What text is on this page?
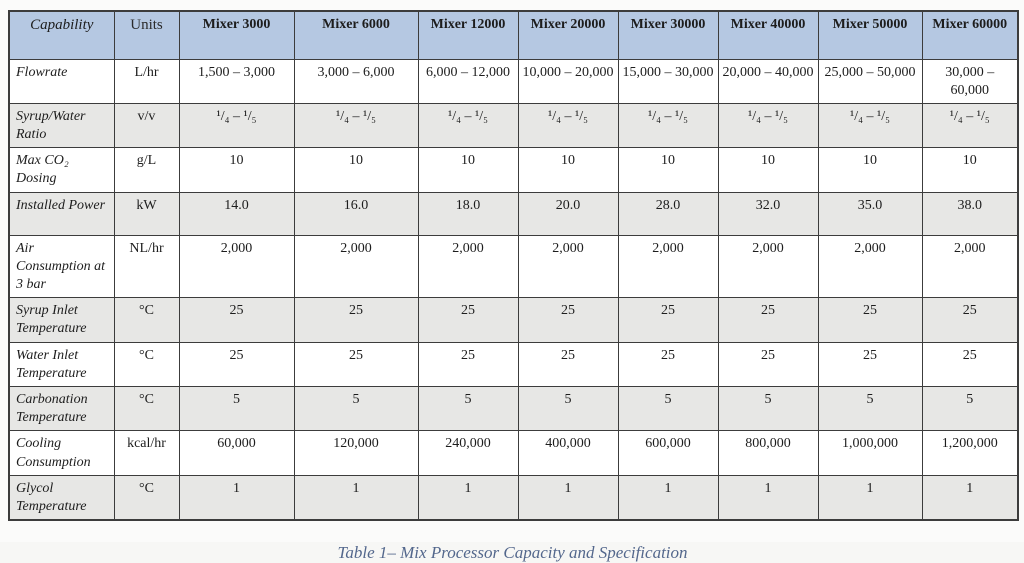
Capability	Units	Mixer 3000	Mixer 6000	Mixer 12000	Mixer 20000	Mixer 30000	Mixer 40000	Mixer 50000	Mixer 60000
Flowrate	L/hr	1,500 – 3,000	3,000 – 6,000	6,000 – 12,000	10,000 – 20,000	15,000 – 30,000	20,000 – 40,000	25,000 – 50,000	30,000 – 60,000
Syrup/Water Ratio	v/v	¹/₄ – ¹/₅	¹/₄ – ¹/₅	¹/₄ – ¹/₅	¹/₄ – ¹/₅	¹/₄ – ¹/₅	¹/₄ – ¹/₅	¹/₄ – ¹/₅	¹/₄ – ¹/₅
Max CO₂ Dosing	g/L	10	10	10	10	10	10	10	10
Installed Power	kW	14.0	16.0	18.0	20.0	28.0	32.0	35.0	38.0
Air Consumption at 3 bar	NL/hr	2,000	2,000	2,000	2,000	2,000	2,000	2,000	2,000
Syrup Inlet Temperature	°C	25	25	25	25	25	25	25	25
Water Inlet Temperature	°C	25	25	25	25	25	25	25	25
Carbonation Temperature	°C	5	5	5	5	5	5	5	5
Cooling Consumption	kcal/hr	60,000	120,000	240,000	400,000	600,000	800,000	1,000,000	1,200,000
Glycol Temperature	°C	1	1	1	1	1	1	1	1
Table 1– Mix Processor Capacity and Specification
